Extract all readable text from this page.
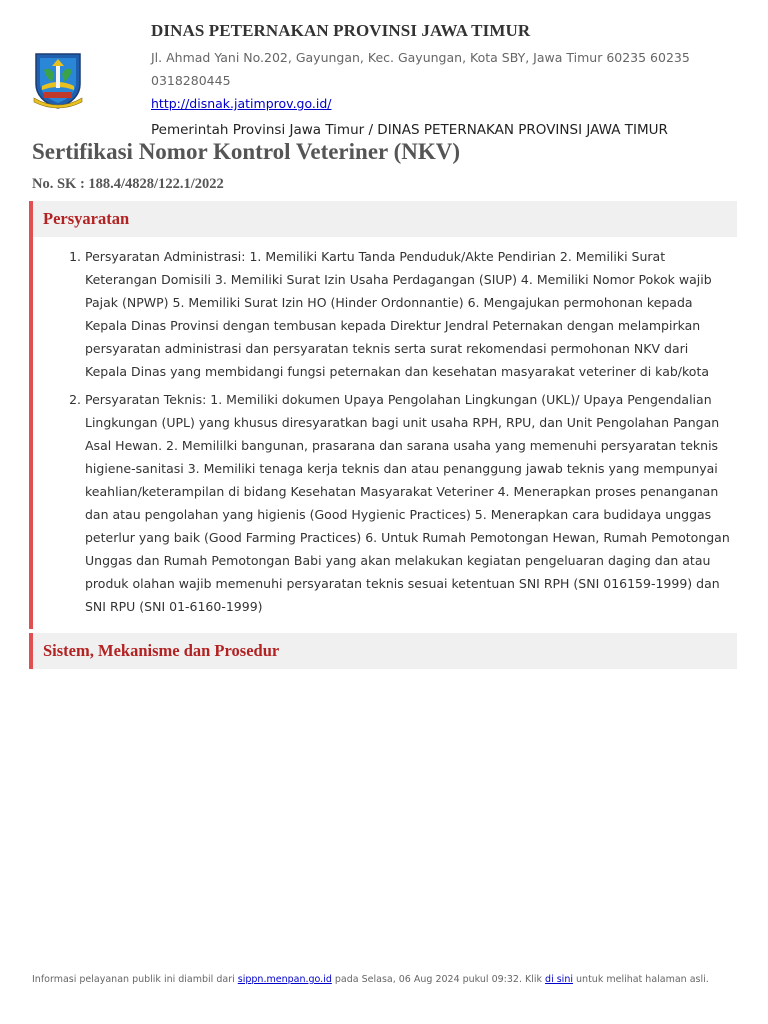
DINAS PETERNAKAN PROVINSI JAWA TIMUR
Jl. Ahmad Yani No.202, Gayungan, Kec. Gayungan, Kota SBY, Jawa Timur 60235 60235
0318280445
http://disnak.jatimprov.go.id/
Pemerintah Provinsi Jawa Timur / DINAS PETERNAKAN PROVINSI JAWA TIMUR
Sertifikasi Nomor Kontrol Veteriner (NKV)
No. SK : 188.4/4828/122.1/2022
Persyaratan
1. Persyaratan Administrasi: 1. Memiliki Kartu Tanda Penduduk/Akte Pendirian 2. Memiliki Surat Keterangan Domisili 3. Memiliki Surat Izin Usaha Perdagangan (SIUP) 4. Memiliki Nomor Pokok wajib Pajak (NPWP) 5. Memiliki Surat Izin HO (Hinder Ordonnantie) 6. Mengajukan permohonan kepada Kepala Dinas Provinsi dengan tembusan kepada Direktur Jendral Peternakan dengan melampirkan persyaratan administrasi dan persyaratan teknis serta surat rekomendasi permohonan NKV dari Kepala Dinas yang membidangi fungsi peternakan dan kesehatan masyarakat veteriner di kab/kota
2. Persyaratan Teknis: 1. Memiliki dokumen Upaya Pengolahan Lingkungan (UKL)/ Upaya Pengendalian Lingkungan (UPL) yang khusus diresyaratkan bagi unit usaha RPH, RPU, dan Unit Pengolahan Pangan Asal Hewan. 2. Memililki bangunan, prasarana dan sarana usaha yang memenuhi persyaratan teknis higiene-sanitasi 3. Memiliki tenaga kerja teknis dan atau penanggung jawab teknis yang mempunyai keahlian/keterampilan di bidang Kesehatan Masyarakat Veteriner 4. Menerapkan proses penanganan dan atau pengolahan yang higienis (Good Hygienic Practices) 5. Menerapkan cara budidaya unggas peterlur yang baik (Good Farming Practices) 6. Untuk Rumah Pemotongan Hewan, Rumah Pemotongan Unggas dan Rumah Pemotongan Babi yang akan melakukan kegiatan pengeluaran daging dan atau produk olahan wajib memenuhi persyaratan teknis sesuai ketentuan SNI RPH (SNI 016159-1999) dan SNI RPU (SNI 01-6160-1999)
Sistem, Mekanisme dan Prosedur
Informasi pelayanan publik ini diambil dari sippn.menpan.go.id pada Selasa, 06 Aug 2024 pukul 09:32. Klik di sini untuk melihat halaman asli.
